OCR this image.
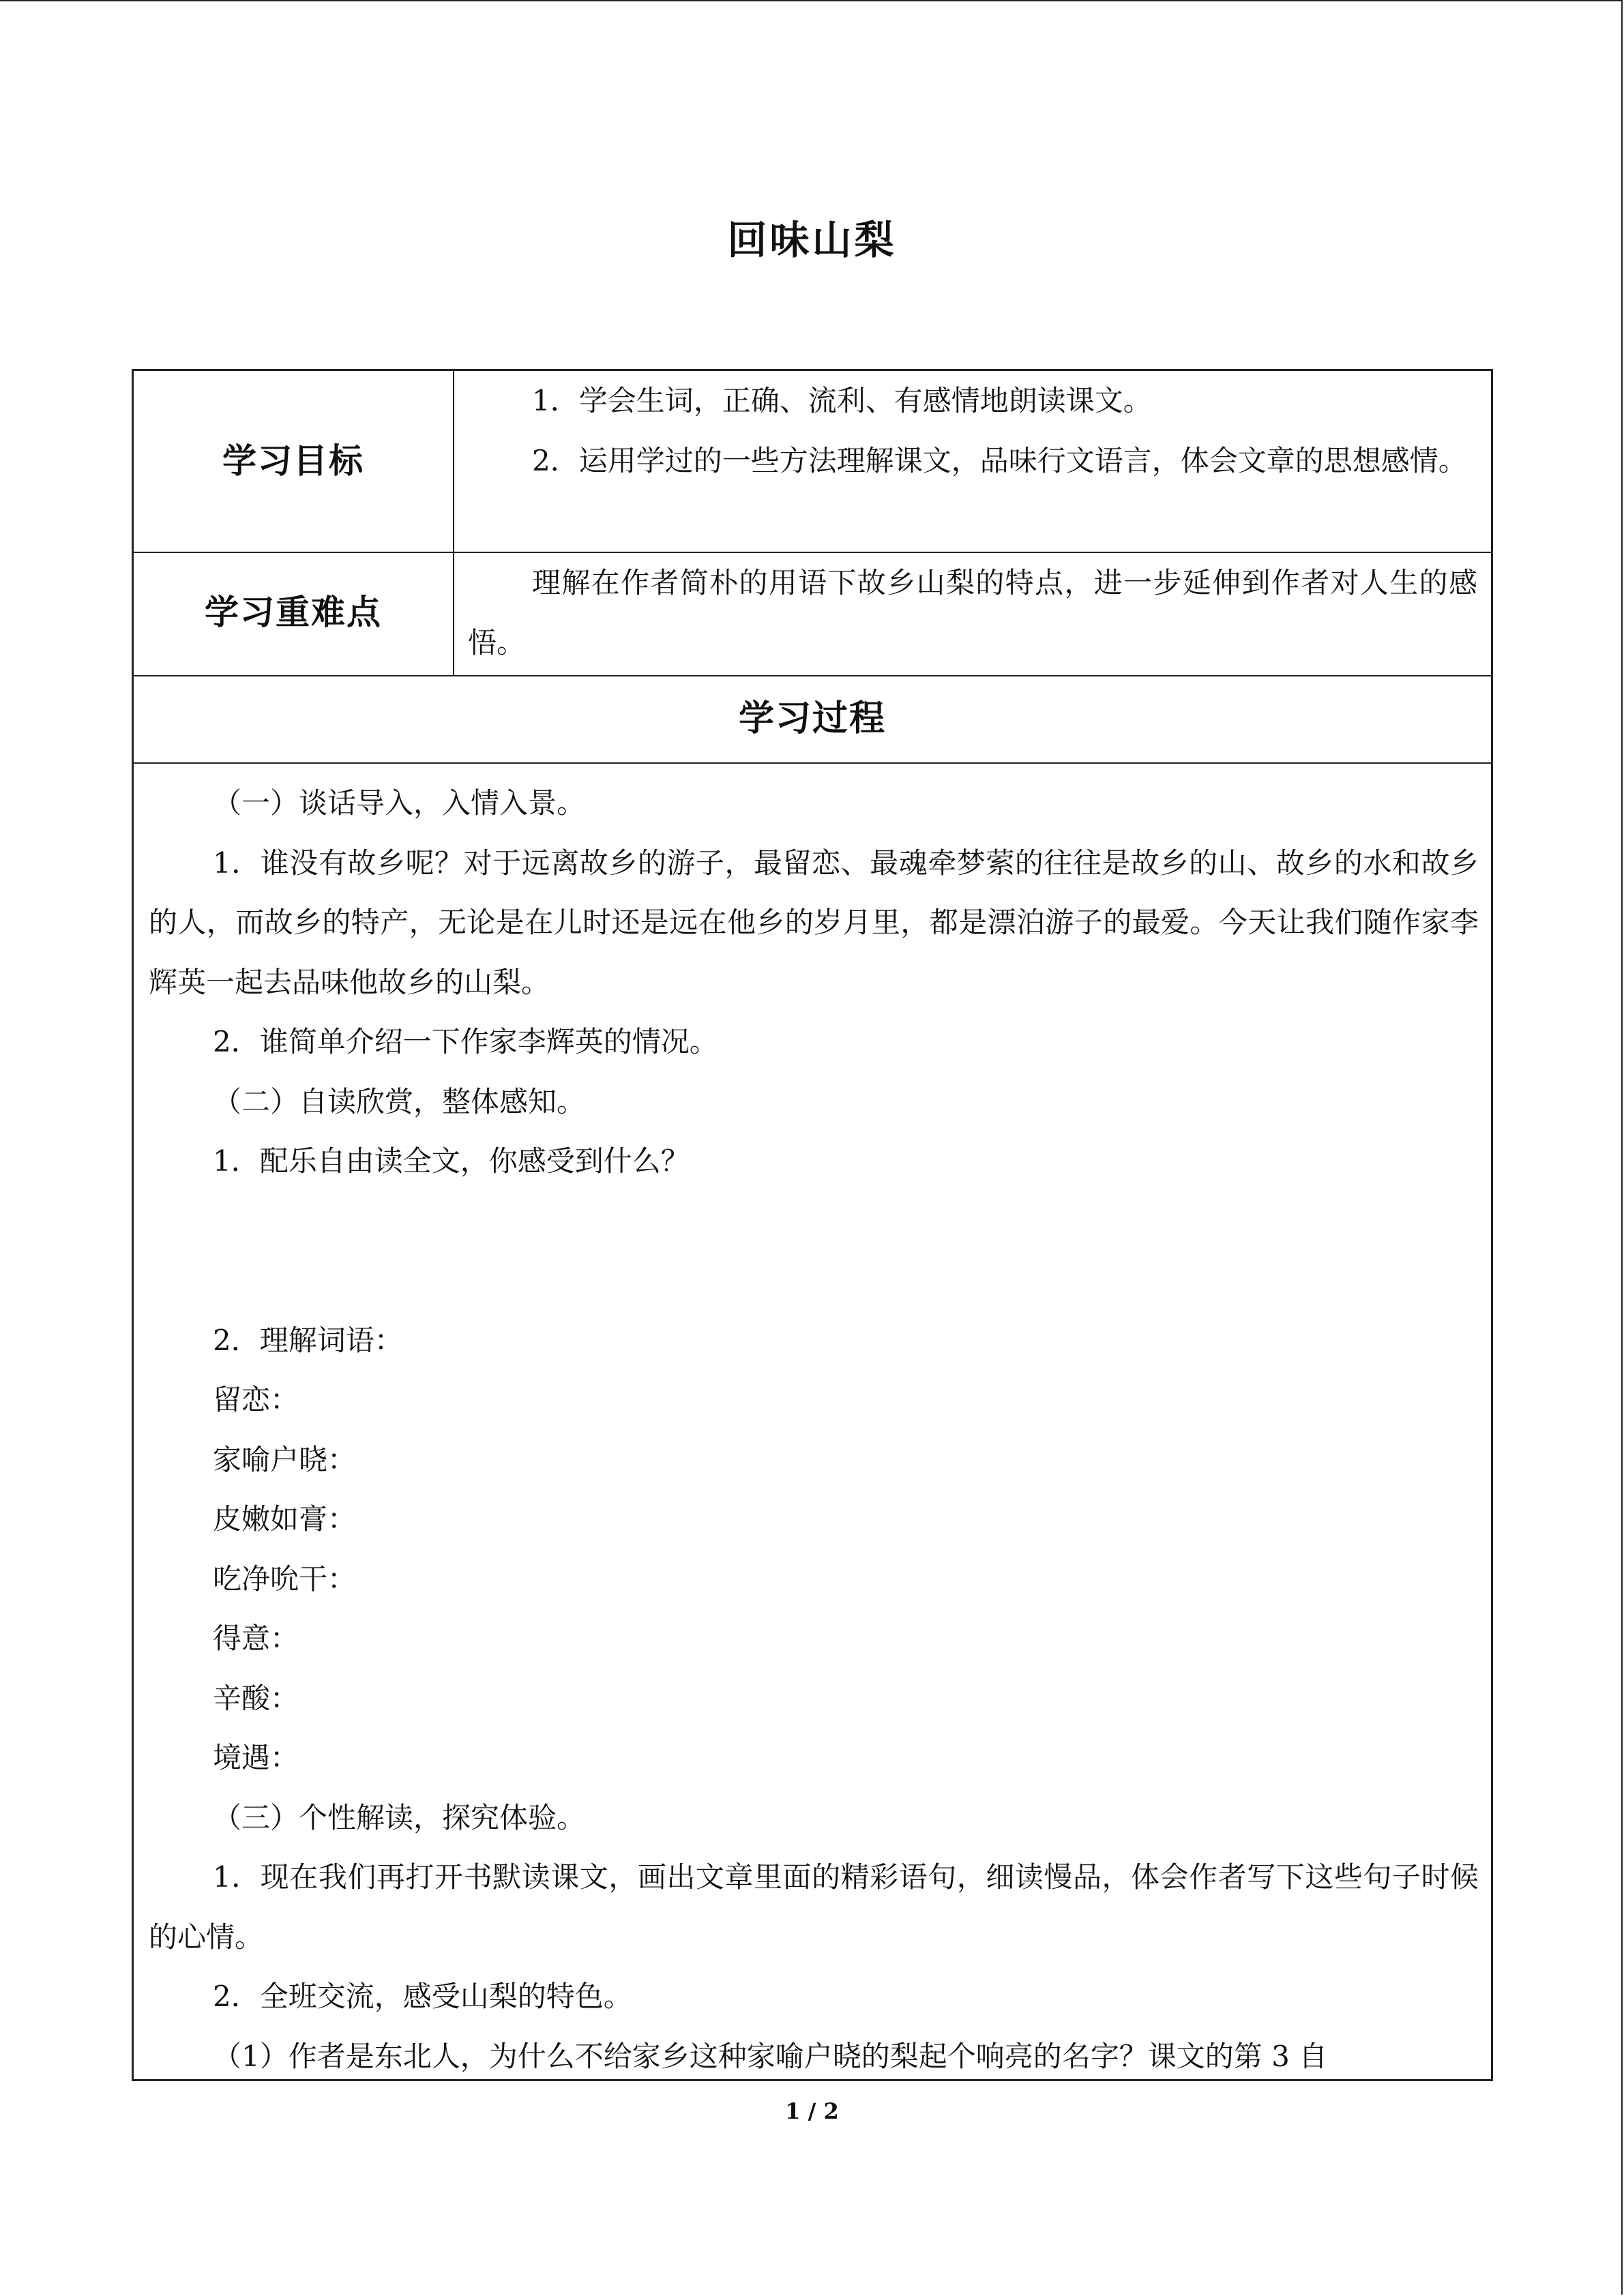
回味山梨
学习目标

1．学会生词，正确、流利、有感情地朗读课文。

2．运用学过的一些方法理解课文，品味行文语言，体会文章的思想感情。

学习重难点

理解在作者简朴的用语下故乡山梨的特点，进一步延伸到作者对人生的感悟。

学习过程

（一）谈话导入，入情入景。

1．谁没有故乡呢？对于远离故乡的游子，最留恋、最魂牵梦萦的往往是故乡的山、故乡的水和故乡的人，而故乡的特产，无论是在儿时还是远在他乡的岁月里，都是漂泊游子的最爱。今天让我们随作家李辉英一起去品味他故乡的山梨。

2．谁简单介绍一下作家李辉英的情况。

（二）自读欣赏，整体感知。

1．配乐自由读全文，你感受到什么？

2．理解词语：

留恋：

家喻户晓：

皮嫩如膏：

吃净吮干：

得意：

辛酸：

境遇：

（三）个性解读，探究体验。

1．现在我们再打开书默读课文，画出文章里面的精彩语句，细读慢品，体会作者写下这些句子时候的心情。

2．全班交流，感受山梨的特色。

（1）作者是东北人，为什么不给家乡这种家喻户晓的梨起个响亮的名字？课文的第 3 自

1 / 2
